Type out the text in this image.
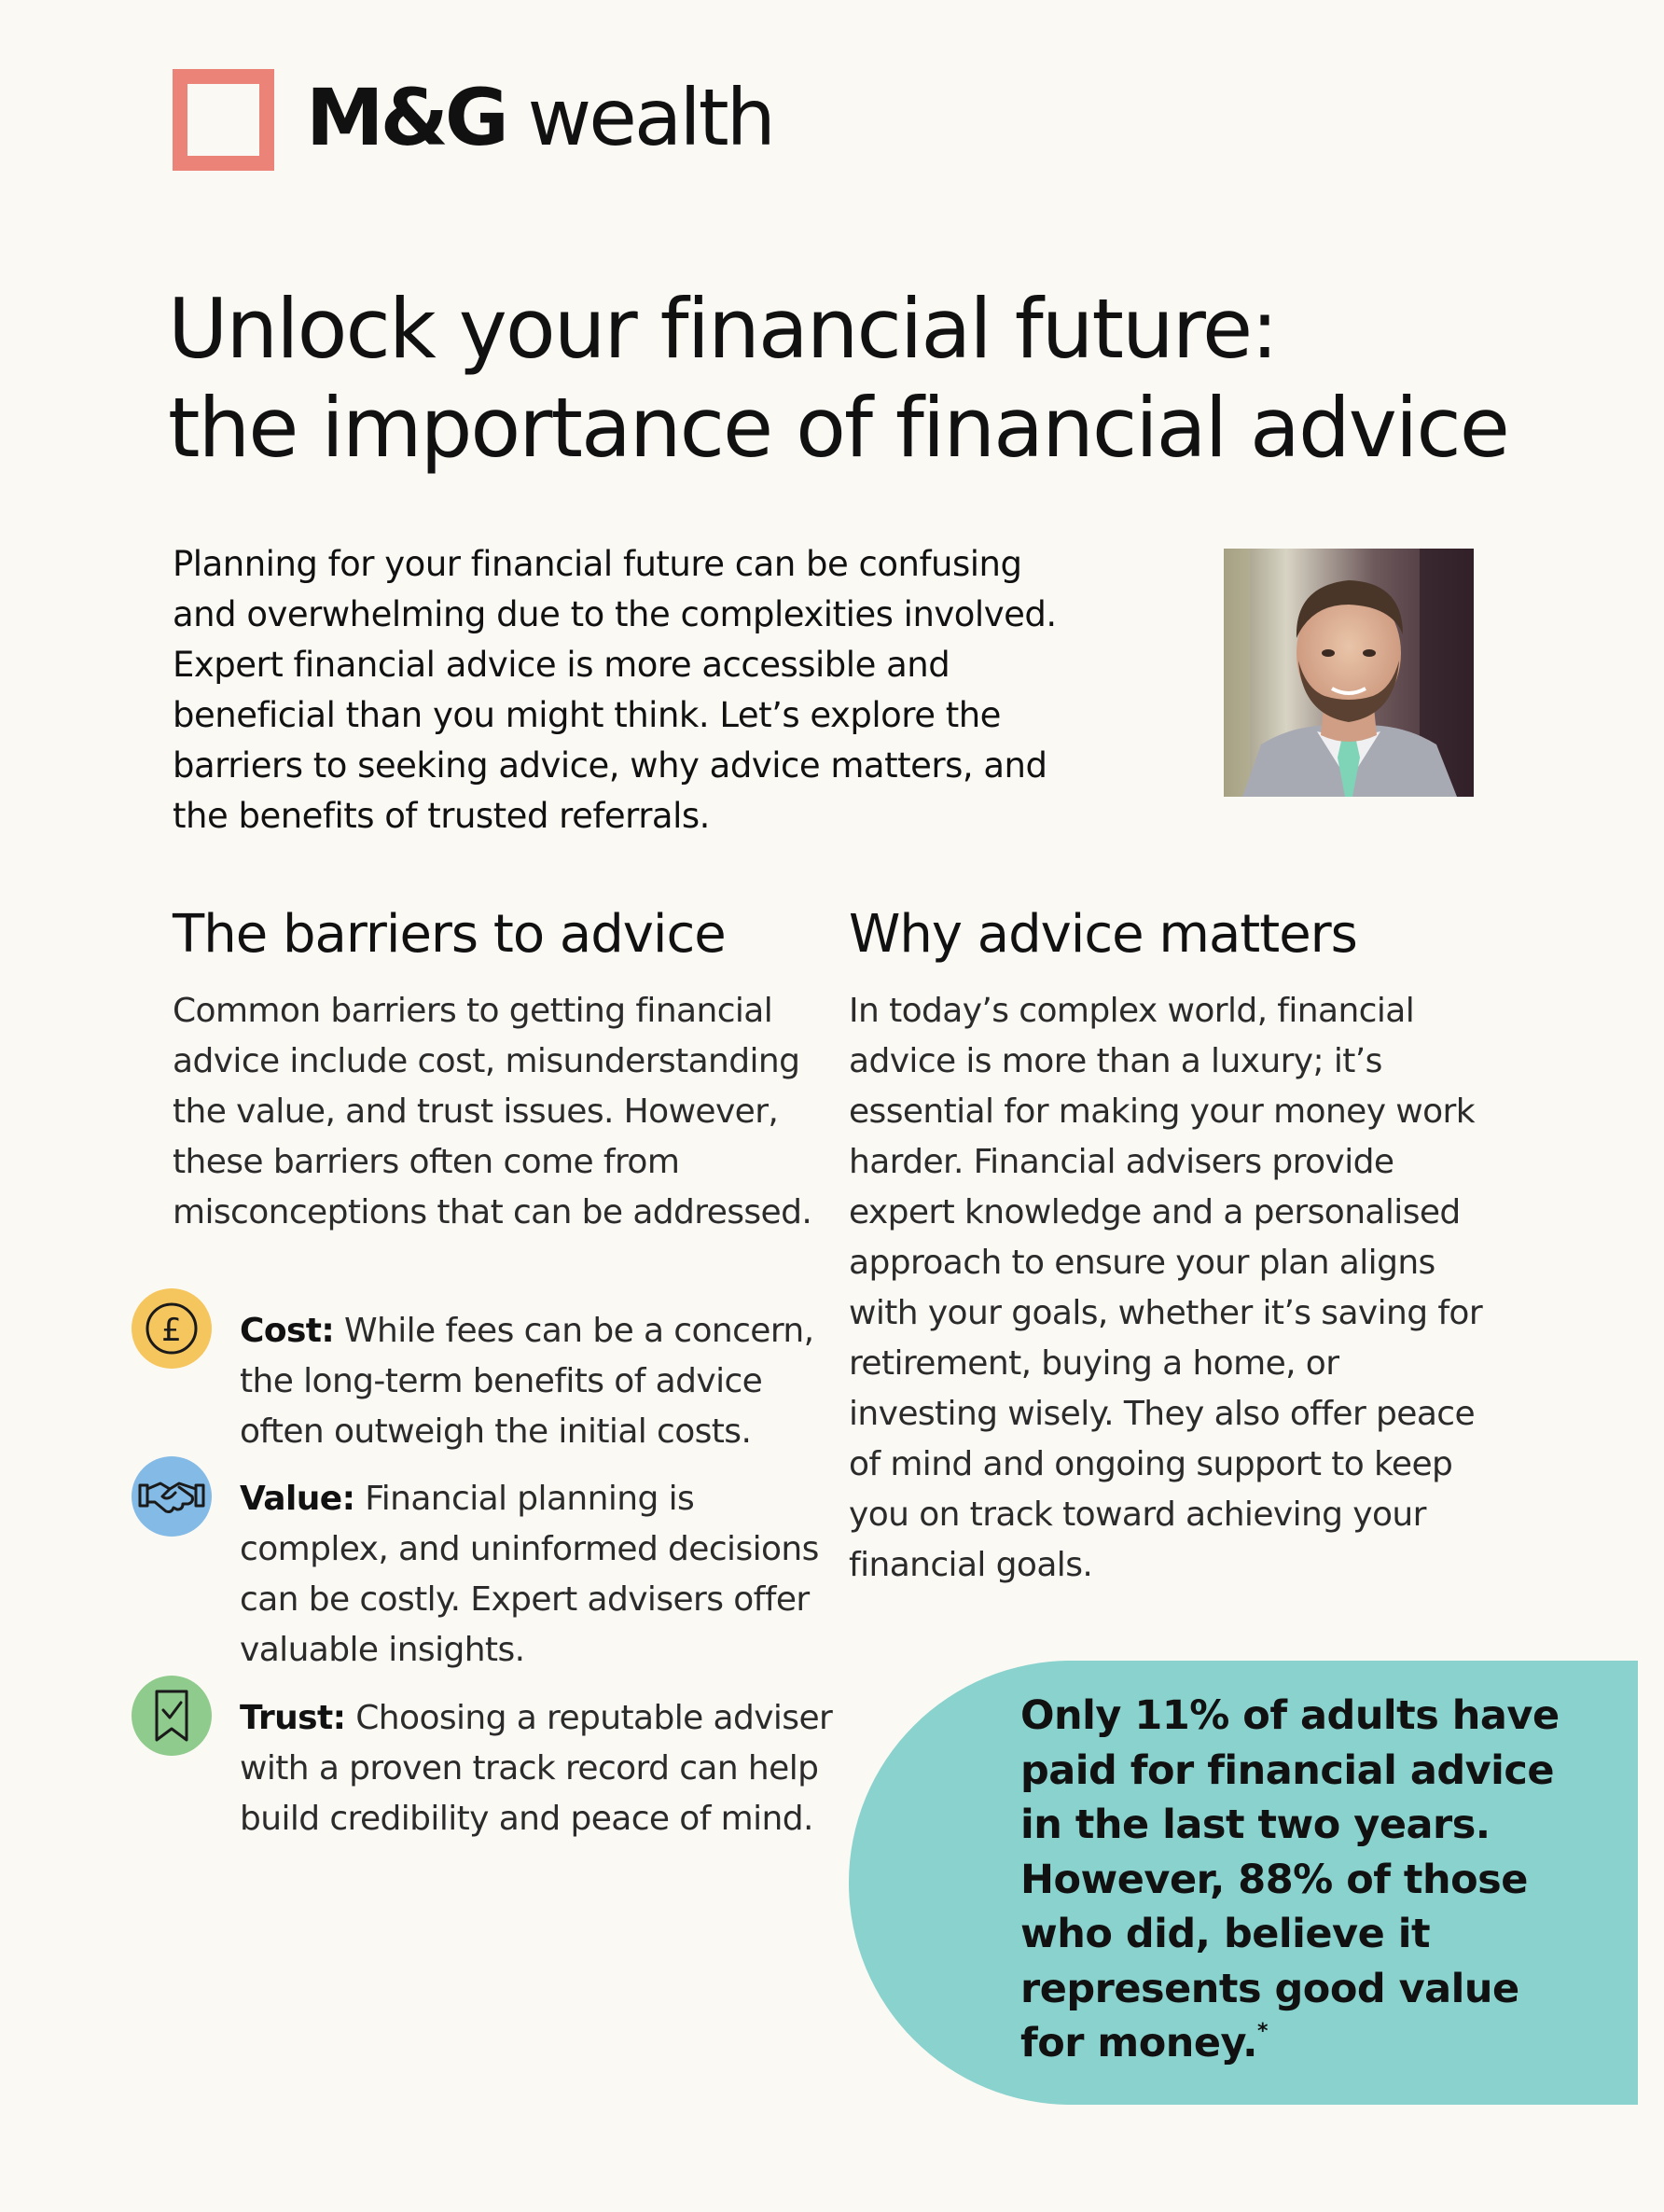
M&G wealth
Unlock your financial future:
the importance of financial advice

Planning for your financial future can be confusing and overwhelming due to the complexities involved. Expert financial advice is more accessible and beneficial than you might think. Let’s explore the barriers to seeking advice, why advice matters, and the benefits of trusted referrals.

The barriers to advice

Common barriers to getting financial advice include cost, misunderstanding the value, and trust issues. However, these barriers often come from misconceptions that can be addressed.

£ Cost: While fees can be a concern, the long-term benefits of advice often outweigh the initial costs.

Value: Financial planning is complex, and uninformed decisions can be costly. Expert advisers offer valuable insights.

Trust: Choosing a reputable adviser with a proven track record can help build credibility and peace of mind.

Why advice matters

In today’s complex world, financial advice is more than a luxury; it’s essential for making your money work harder. Financial advisers provide expert knowledge and a personalised approach to ensure your plan aligns with your goals, whether it’s saving for retirement, buying a home, or investing wisely. They also offer peace of mind and ongoing support to keep you on track toward achieving your financial goals.

Only 11% of adults have paid for financial advice in the last two years. However, 88% of those who did, believe it represents good value for money.*
